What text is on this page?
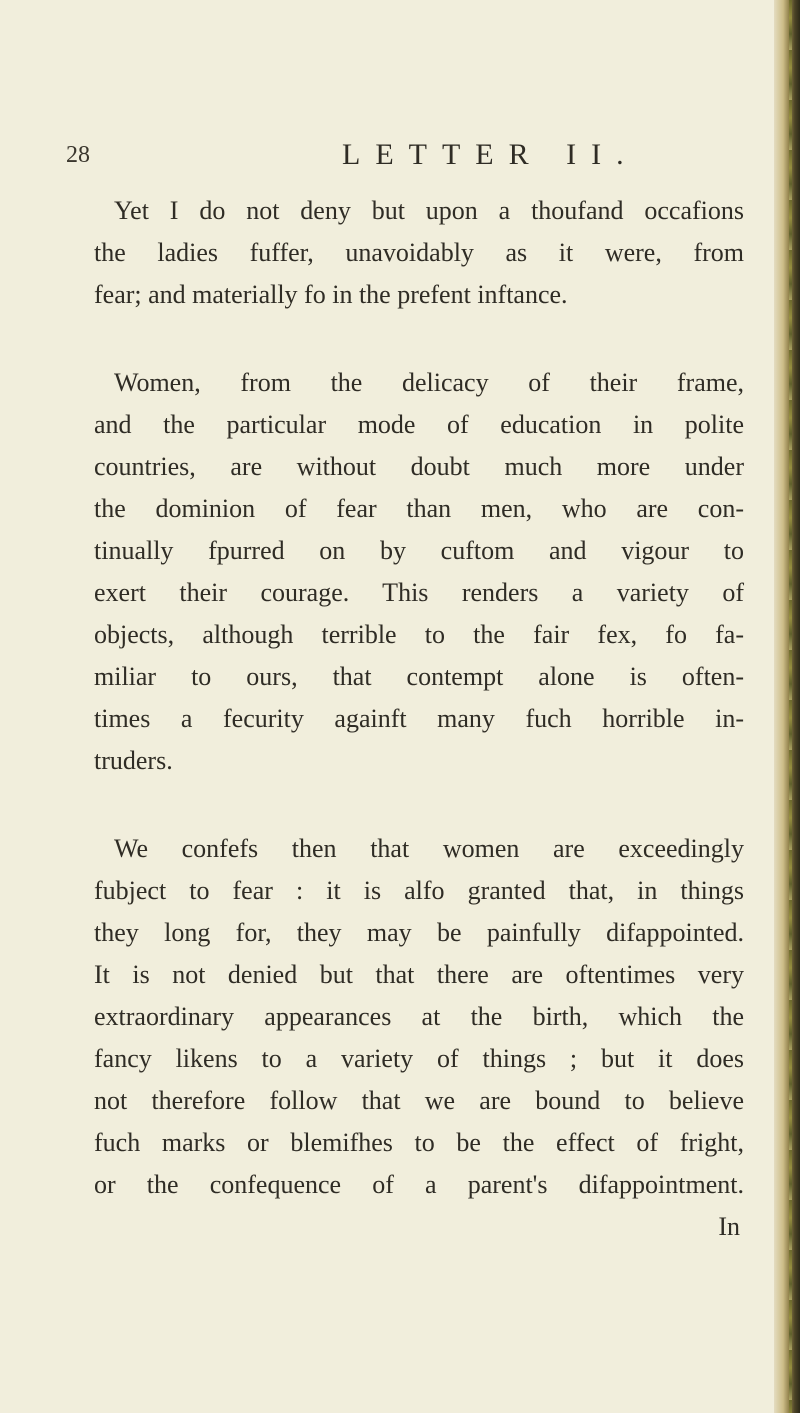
28	LETTER II.
Yet I do not deny but upon a thoufand occafions
the ladies fuffer, unavoidably as it were, from
fear; and materially fo in the prefent inftance.
Women, from the delicacy of their frame,
and the particular mode of education in polite
countries, are without doubt much more under
the dominion of fear than men, who are con-
tinually fpurred on by cuftom and vigour to
exert their courage. This renders a variety of
objects, although terrible to the fair fex, fo fa-
miliar to ours, that contempt alone is often-
times a fecurity againft many fuch horrible in-
truders.
We confefs then that women are exceedingly
fubject to fear : it is alfo granted that, in things
they long for, they may be painfully difappointed.
It is not denied but that there are oftentimes very
extraordinary appearances at the birth, which the
fancy likens to a variety of things ; but it does
not therefore follow that we are bound to believe
fuch marks or blemifhes to be the effect of fright,
or the confequence of a parent's difappointment.
In
